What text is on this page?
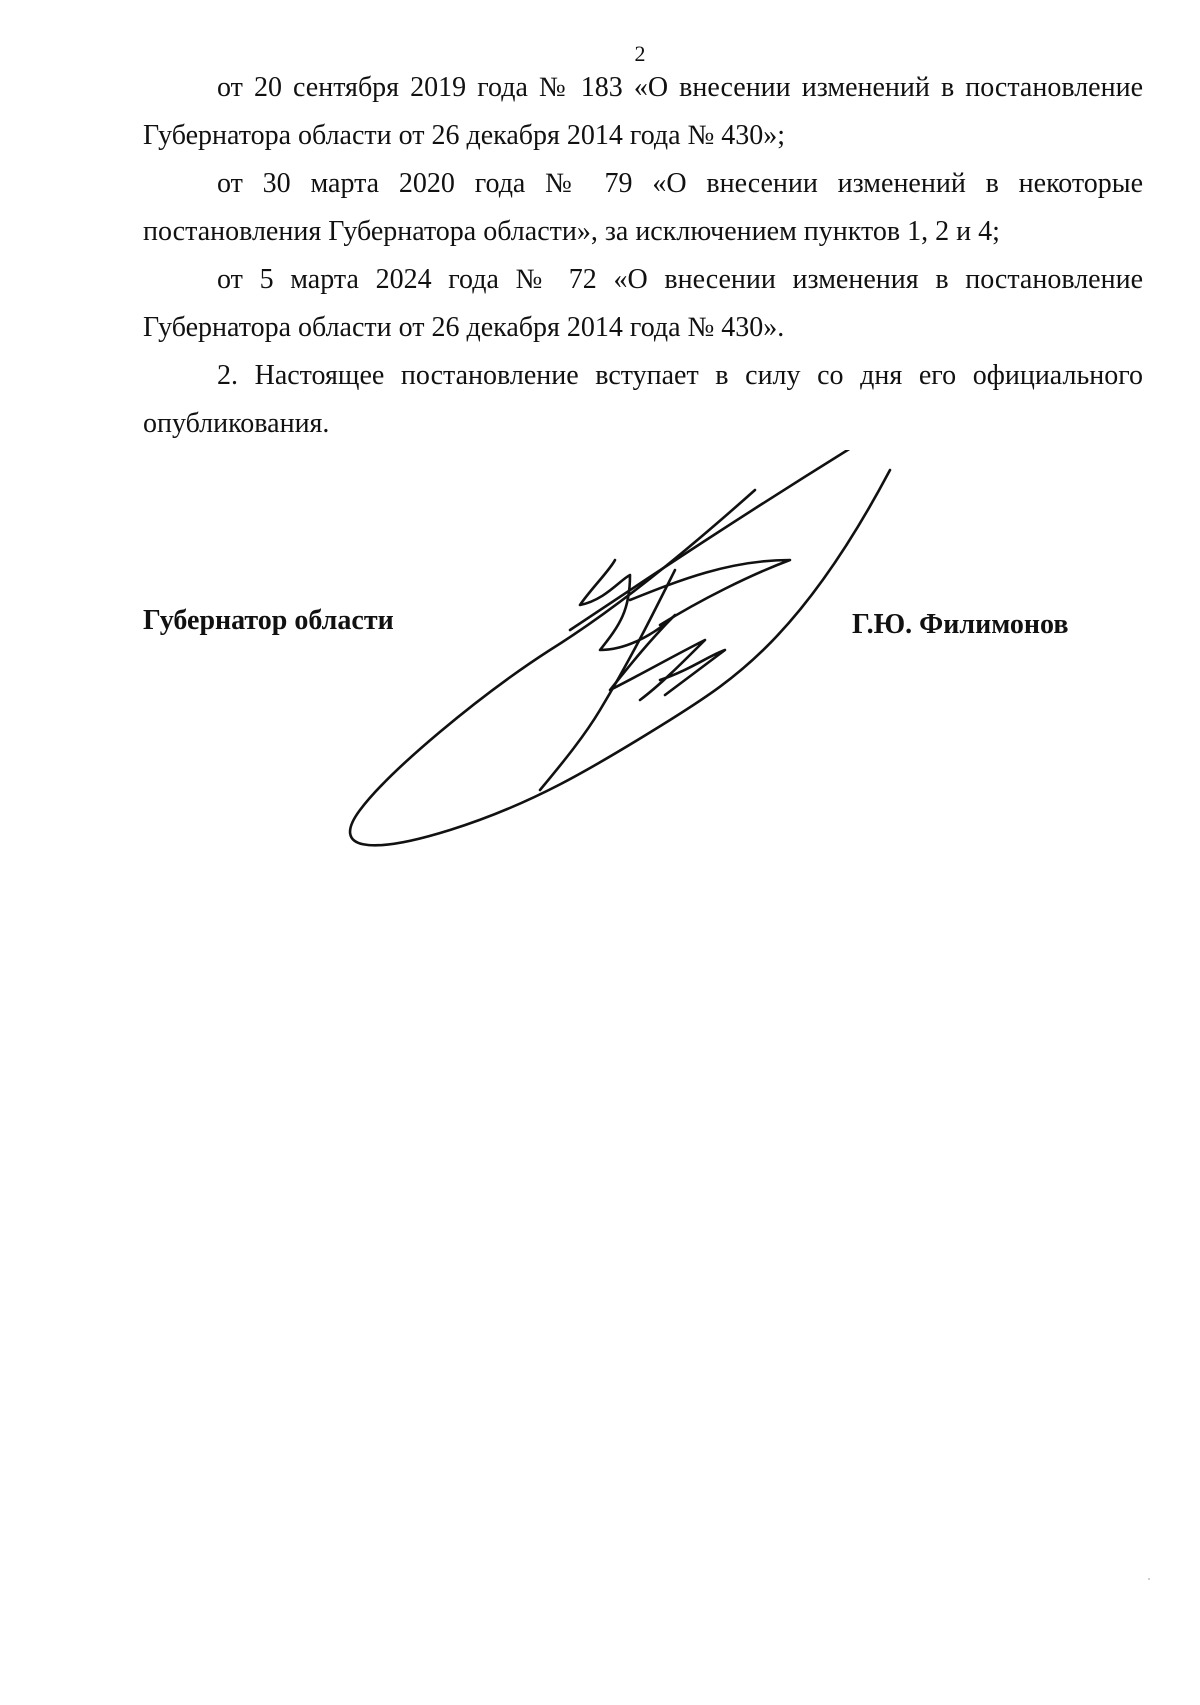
2

от 20 сентября 2019 года № 183 «О внесении изменений в постановление Губернатора области от 26 декабря 2014 года № 430»;

от 30 марта 2020 года № 79 «О внесении изменений в некоторые постановления Губернатора области», за исключением пунктов 1, 2 и 4;

от 5 марта 2024 года № 72 «О внесении изменения в постановление Губернатора области от 26 декабря 2014 года № 430».

2. Настоящее постановление вступает в силу со дня его официального опубликования.

Губернатор области	Г.Ю. Филимонов
